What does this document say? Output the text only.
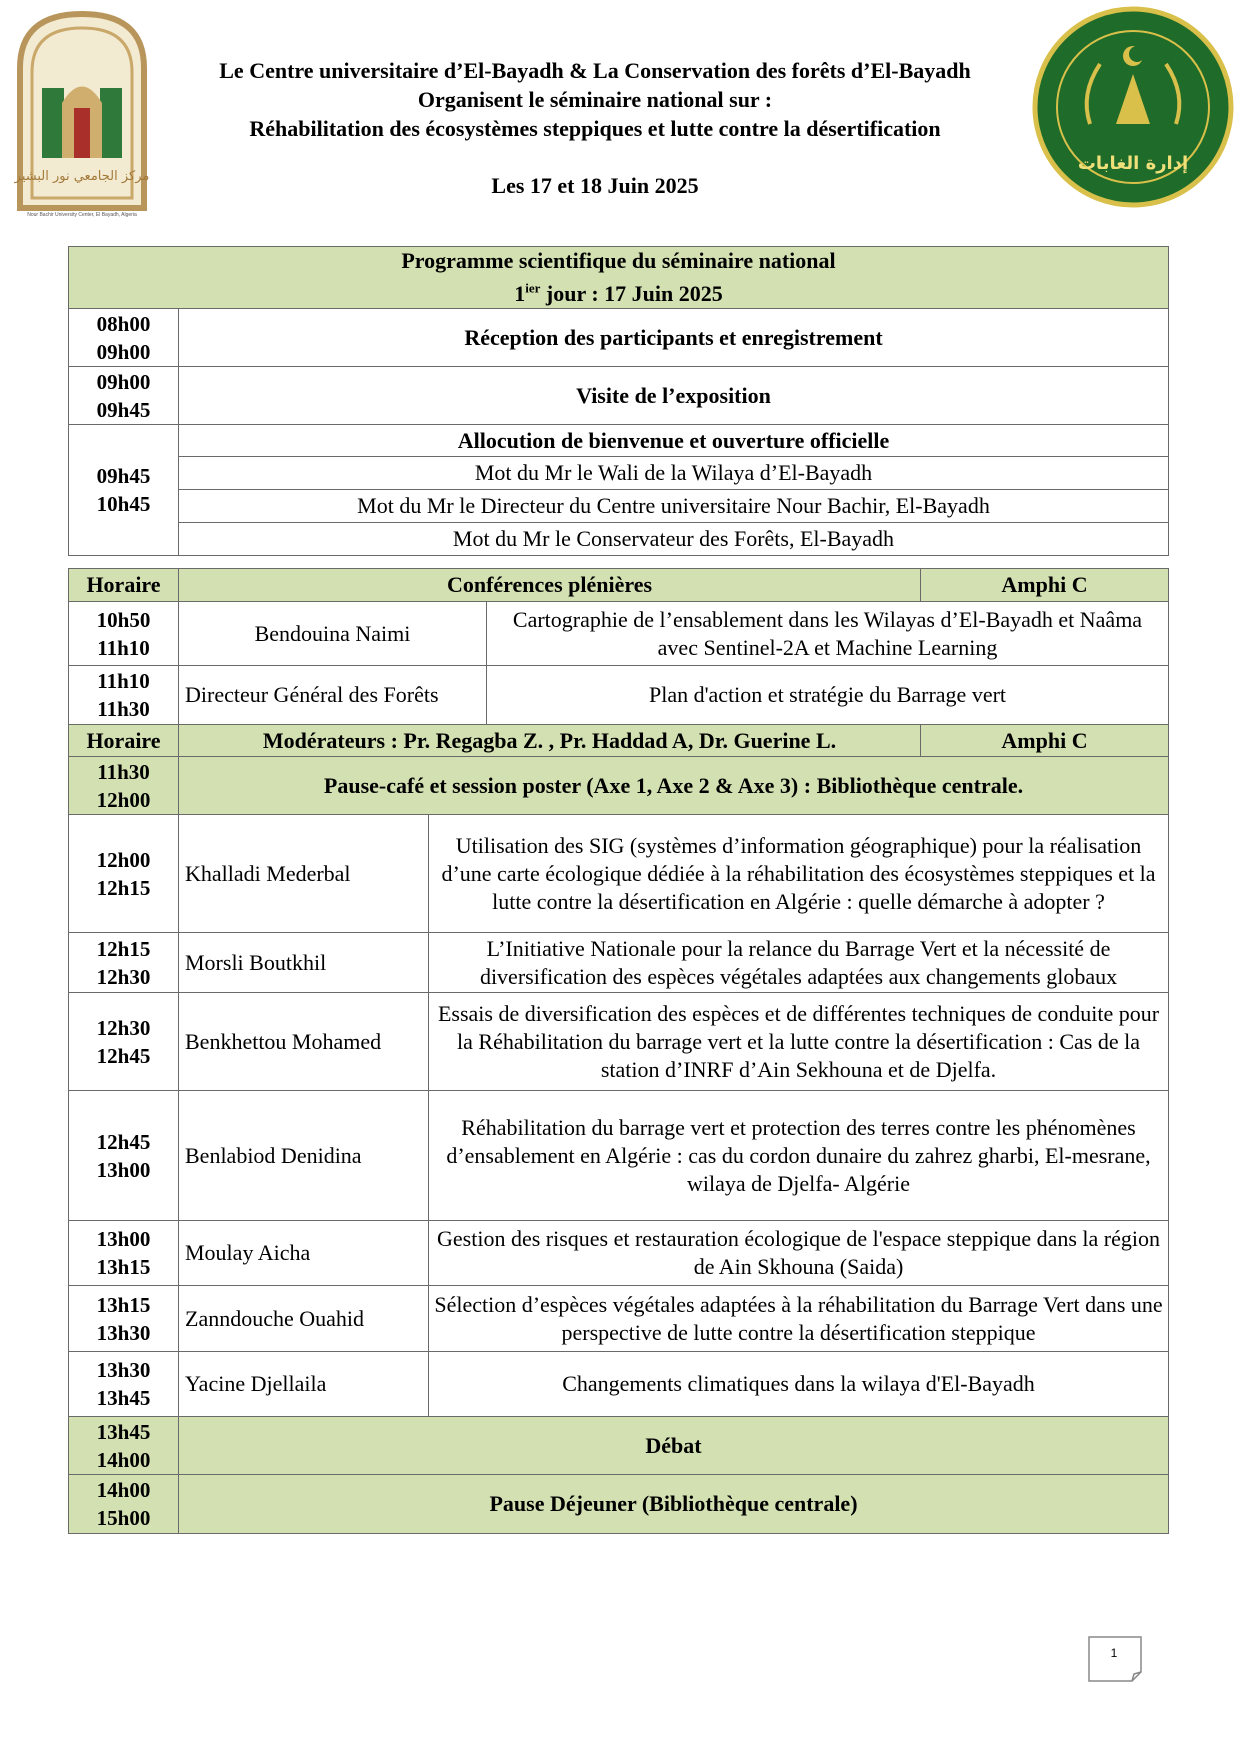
مركز الجامعي نور البشير
Nour Bachir University Center, El Bayadh, Algeria
إدارة الغابات
Le Centre universitaire d’El-Bayadh & La Conservation des forêts d’El-Bayadh
Organisent le séminaire national sur :
Réhabilitation des écosystèmes steppiques et lutte contre la désertification
Les 17 et 18 Juin 2025
Programme scientifique du séminaire national
$1^{ier}$ jour : 17 Juin 2025	

08h00
09h00	Réception des participants et enregistrement

09h00
09h45	Visite de l’exposition

09h45
10h45	Allocution de bienvenue et ouverture officielle
	Mot du Mr le Wali de la Wilaya d’El-Bayadh
	Mot du Mr le Directeur du Centre universitaire Nour Bachir, El-Bayadh
	Mot du Mr le Conservateur des Forêts, El-Bayadh
Horaire	Conférences plénières			Amphi C

10h50
11h10	Bendouina Naimi		Cartographie de l’ensablement dans les Wilayas d’El-Bayadh et Naâma avec Sentinel-2A et Machine Learning	

11h10
11h30	Directeur Général des Forêts		Plan d'action et stratégie du Barrage vert	
Horaire	Modérateurs : Pr. Regagba Z. , Pr. Haddad A, Dr. Guerine L.			Amphi C

11h30
12h00	Pause-café et session poster (Axe 1, Axe 2 & Axe 3) : Bibliothèque centrale.			

12h00
12h15	Khalladi Mederbal	Utilisation des SIG (systèmes d’information géographique) pour la réalisation d’une carte écologique dédiée à la réhabilitation des écosystèmes steppiques et la lutte contre la désertification en Algérie : quelle démarche à adopter ?		

12h15
12h30	Morsli Boutkhil	L’Initiative Nationale pour la relance du Barrage Vert et la nécessité de diversification des espèces végétales adaptées aux changements globaux		

12h30
12h45	Benkhettou Mohamed	Essais de diversification des espèces et de différentes techniques de conduite pour la Réhabilitation du barrage vert et la lutte contre la désertification : Cas de la station d’INRF d’Ain Sekhouna et de Djelfa.		

12h45
13h00	Benlabiod Denidina	Réhabilitation du barrage vert et protection des terres contre les phénomènes d’ensablement en Algérie : cas du cordon dunaire du zahrez gharbi, El-mesrane, wilaya de Djelfa- Algérie		

13h00
13h15	Moulay Aicha	Gestion des risques et restauration écologique de l'espace steppique dans la région de Ain Skhouna (Saida)		

13h15
13h30	Zanndouche Ouahid	Sélection d’espèces végétales adaptées à la réhabilitation du Barrage Vert dans une perspective de lutte contre la désertification steppique		

13h30
13h45	Yacine Djellaila	Changements climatiques dans la wilaya d'El-Bayadh		

13h45
14h00	Débat			

14h00
15h00	Pause Déjeuner (Bibliothèque centrale)			
1
